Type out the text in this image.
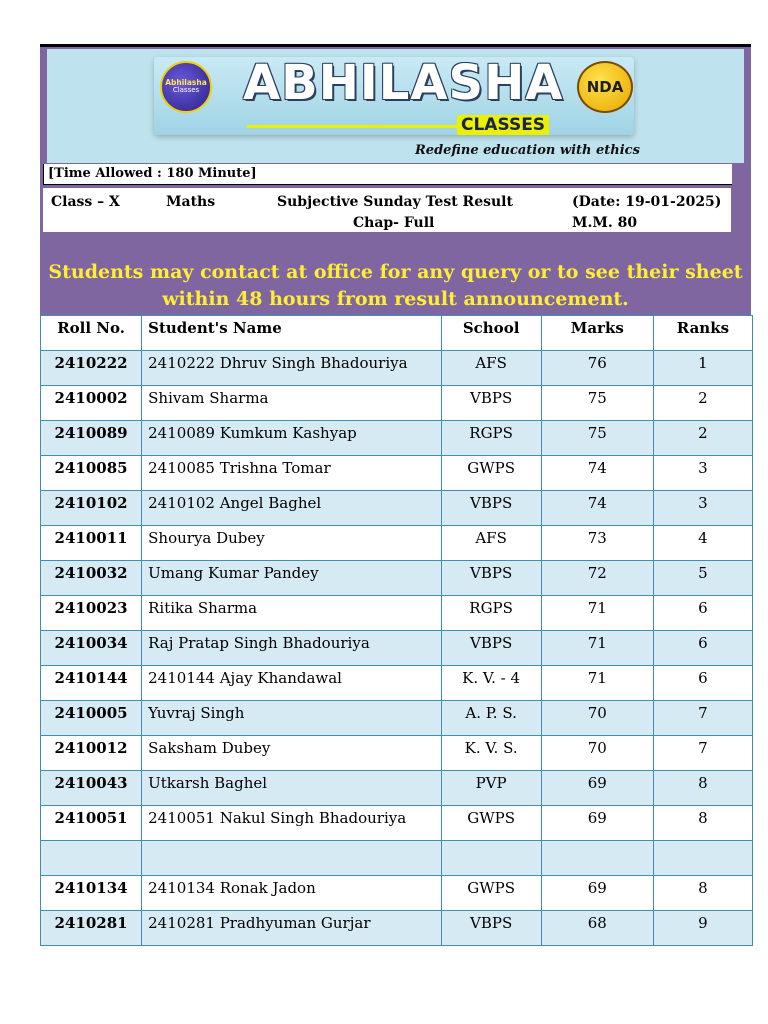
Abhilasha
Classes ABHILASHA
CLASSES
NDA
Redefine education with ethics
[Time Allowed : 180 Minute]
Class – X	Maths	Subjective Sunday Test Result
Chap- Full
(Date: 19-01-2025)
M.M. 80
Students may contact at office for any query or to see their sheet
within 48 hours from result announcement.
Roll No.	Student's Name	School	Marks	Ranks
2410222	2410222 Dhruv Singh Bhadouriya	AFS	76	1
2410002	Shivam Sharma	VBPS	75	2
2410089	2410089 Kumkum Kashyap	RGPS	75	2
2410085	2410085 Trishna Tomar	GWPS	74	3
2410102	2410102 Angel Baghel	VBPS	74	3
2410011	Shourya Dubey	AFS	73	4
2410032	Umang Kumar Pandey	VBPS	72	5
2410023	Ritika Sharma	RGPS	71	6
2410034	Raj Pratap Singh Bhadouriya	VBPS	71	6
2410144	2410144 Ajay Khandawal	K. V. - 4	71	6
2410005	Yuvraj Singh	A. P. S.	70	7
2410012	Saksham Dubey	K. V. S.	70	7
2410043	Utkarsh Baghel	PVP	69	8
2410051	2410051 Nakul Singh Bhadouriya	GWPS	69	8

2410134	2410134 Ronak Jadon	GWPS	69	8
2410281	2410281 Pradhyuman Gurjar	VBPS	68	9
